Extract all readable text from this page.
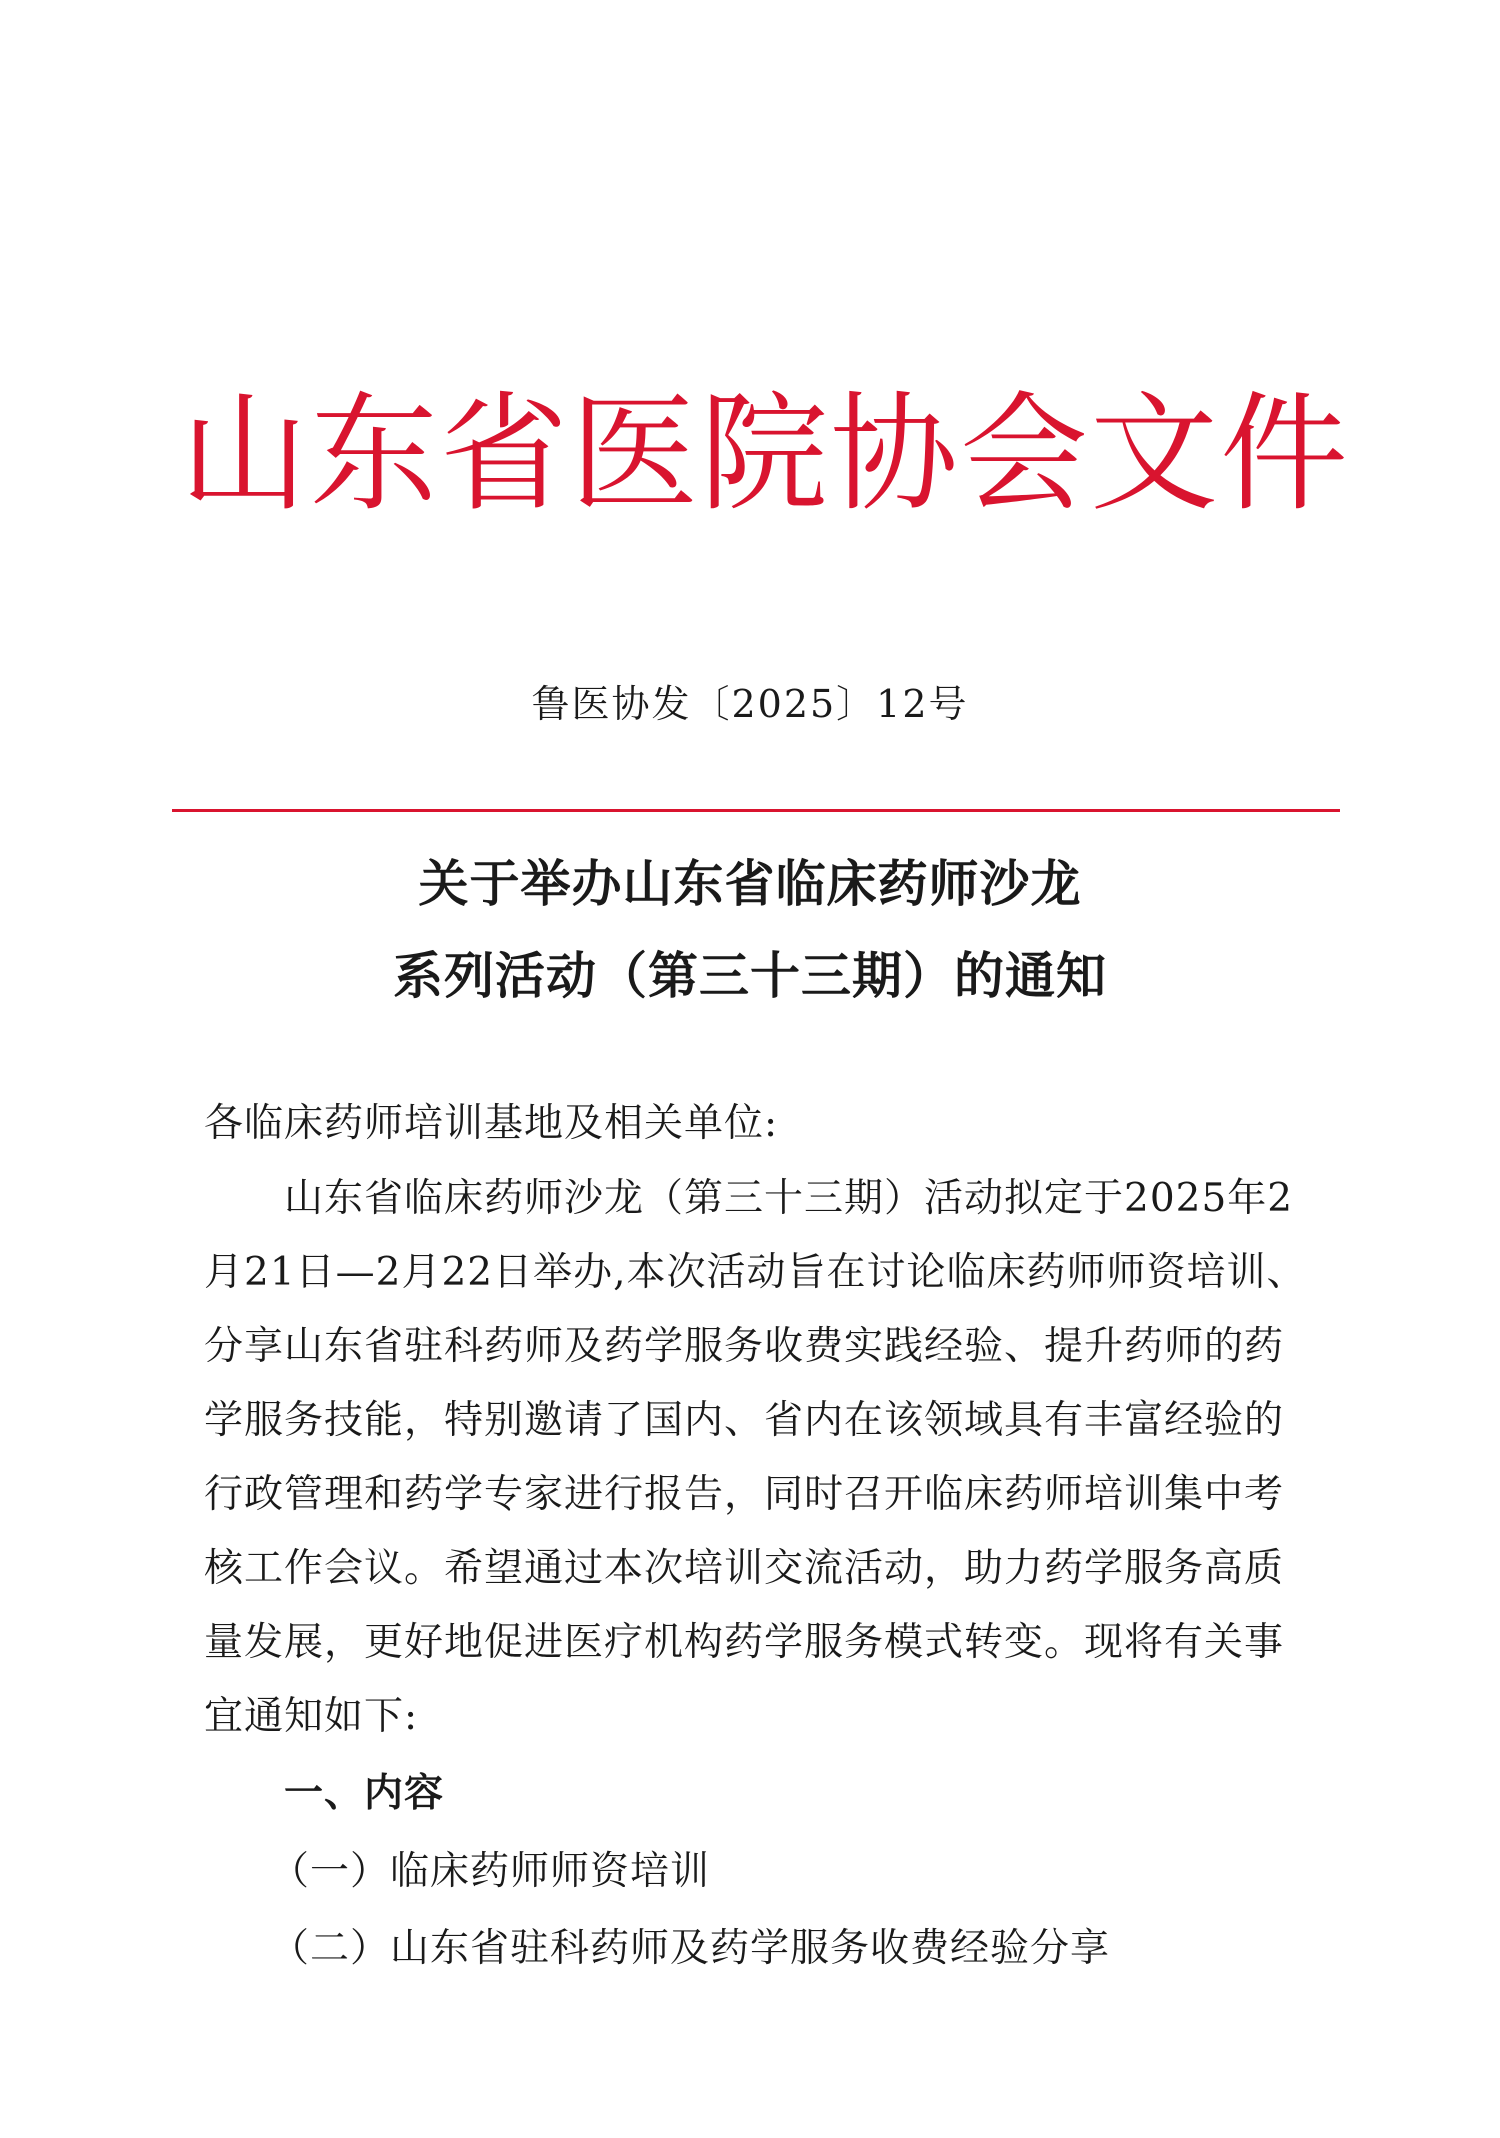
山东省医院协会文件
鲁医协发〔2025〕12号
关于举办山东省临床药师沙龙
系列活动（第三十三期）的通知
各临床药师培训基地及相关单位:
山东省临床药师沙龙（第三十三期）活动拟定于2025年2
月21日—2月22日举办,本次活动旨在讨论临床药师师资培训、
分享山东省驻科药师及药学服务收费实践经验、提升药师的药
学服务技能，特别邀请了国内、省内在该领域具有丰富经验的
行政管理和药学专家进行报告，同时召开临床药师培训集中考
核工作会议。希望通过本次培训交流活动，助力药学服务高质
量发展，更好地促进医疗机构药学服务模式转变。现将有关事
宜通知如下:
一、内容
（一）临床药师师资培训
（二）山东省驻科药师及药学服务收费经验分享
